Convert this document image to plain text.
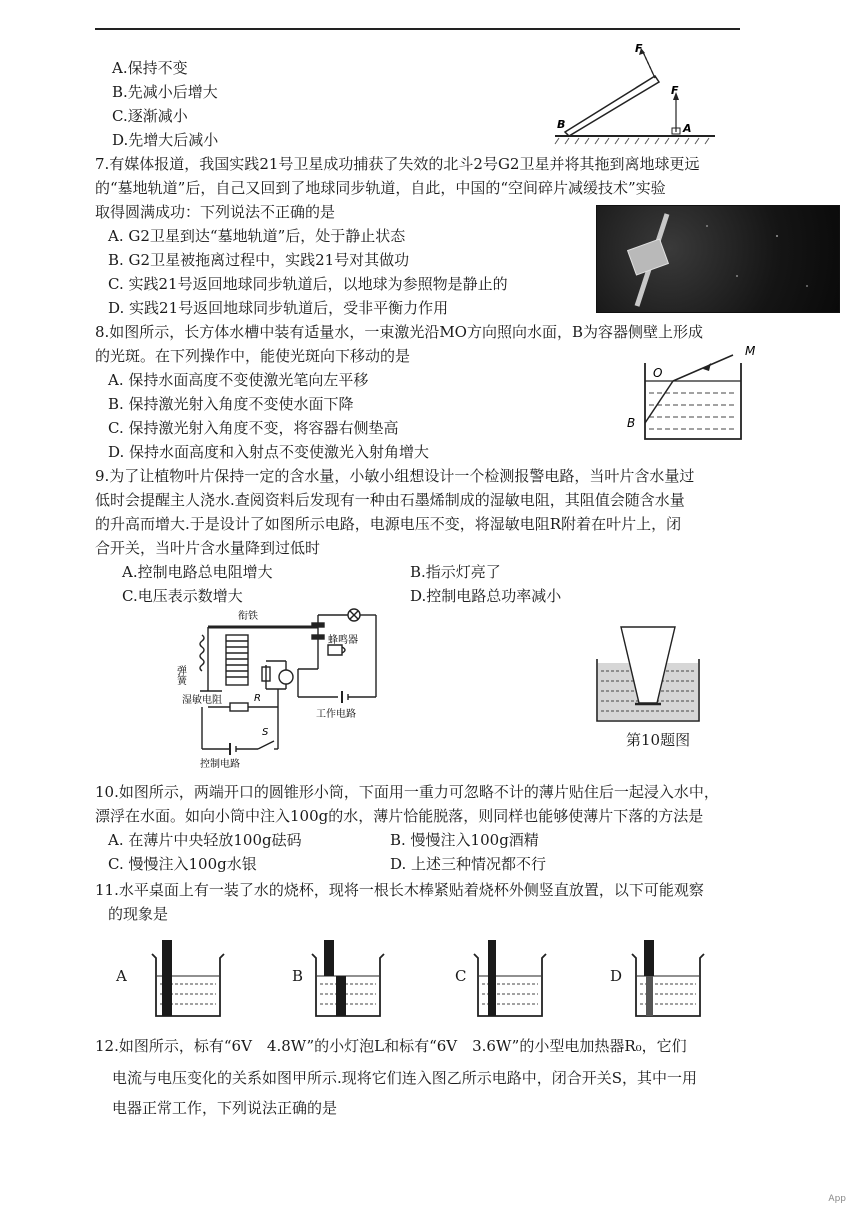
A.保持不变
B.先减小后增大
C.逐渐减小
D.先增大后减小
F
F
B	A
7.有媒体报道，我国实践21号卫星成功捕获了失效的北斗2号G2卫星并将其拖到离地球更远
的“墓地轨道”后，自己又回到了地球同步轨道，自此，中国的“空间碎片减缓技术”实验
取得圆满成功：下列说法不正确的是
A. G2卫星到达“墓地轨道”后，处于静止状态
B. G2卫星被拖离过程中，实践21号对其做功
C. 实践21号返回地球同步轨道后，以地球为参照物是静止的
D. 实践21号返回地球同步轨道后，受非平衡力作用
8.如图所示，长方体水槽中装有适量水，一束激光沿MO方向照向水面，B为容器侧壁上形成
的光斑。在下列操作中，能使光斑向下移动的是
A. 保持水面高度不变使激光笔向左平移
B. 保持激光射入角度不变使水面下降
C. 保持激光射入角度不变，将容器右侧垫高
D. 保持水面高度和入射点不变使激光入射角增大
M
O
B
9.为了让植物叶片保持一定的含水量，小敏小组想设计一个检测报警电路，当叶片含水量过
低时会提醒主人浇水.查阅资料后发现有一种由石墨烯制成的湿敏电阻，其阻值会随含水量
的升高而增大.于是设计了如图所示电路，电源电压不变，将湿敏电阻R附着在叶片上，闭
合开关，当叶片含水量降到过低时
A.控制电路总电阻增大	B.指示灯亮了
C.电压表示数增大	D.控制电路总功率减小
衔铁
弹簧
蜂鸣器
湿敏电阻	R
S
工作电路
控制电路
第10题图
10.如图所示，两端开口的圆锥形小筒，下面用一重力可忽略不计的薄片贴住后一起浸入水中，
漂浮在水面。如向小筒中注入100g的水，薄片恰能脱落，则同样也能够使薄片下落的方法是
A. 在薄片中央轻放100g砝码	B. 慢慢注入100g酒精
C. 慢慢注入100g水银	D. 上述三种情况都不行
11.水平桌面上有一装了水的烧杯，现将一根长木棒紧贴着烧杯外侧竖直放置，以下可能观察
的现象是
A	B	C	D
12.如图所示，标有“6V　4.8W”的小灯泡L和标有“6V　3.6W”的小型电加热器R₀，它们
电流与电压变化的关系如图甲所示.现将它们连入图乙所示电路中，闭合开关S，其中一用
电器正常工作，下列说法正确的是
App
